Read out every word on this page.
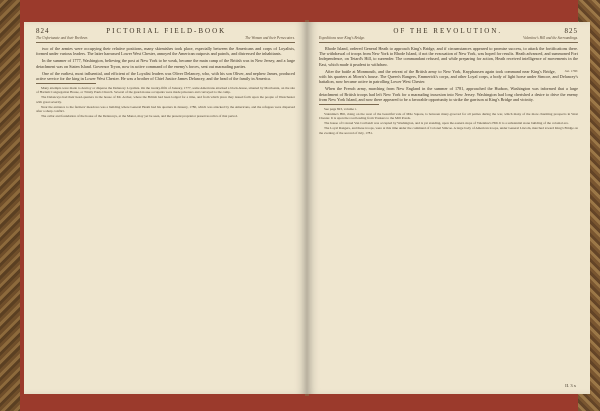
824	PICTORIAL FIELD-BOOK
The Unfortunate and their Brethren.	The Woman and their Persecutors.

two of the armies were occupying their relative positions, many skirmishes took place, especially between the Americans and corps of Loyalists, formed under various leaders. The latter harrassed Lower West Chester, annoyed the American outposts and patrols, and distressed the inhabitants.

In the summer of 1777, Washington, believing the post at New York to be weak, became the main camp of the British was in New Jersey, and a large detachment was on Staten Island. Governor Tryon, now in active command of the enemy's forces, sent out marauding parties.

One of the earliest, most influential, and efficient of the Loyalist leaders was Oliver Delancey, who, with his son Oliver, and nephew James, produced active service for the king in Lower West Chester. He was a brother of Chief Justice James Delancey, and the head of the family in America.

Many attempts were made to destroy or disperse the Delancey Loyalists. On the twenty-fifth of January, 1777, some Americans attacked a block-house, situated by Morrisania, on the site of Harlem Congregation House, or Trinity Pauls Church. Several of the guard-house occupants were made prisoners and conveyed to the camp.

The Delanceys had their head-quarters in the house of Mr. Archer, where the British had been lodged for a time, and from which place they issued forth upon the people of Westchester with great severity.

Near the entrance to the farmers' meadows was a building where General Heath had his quarters in January, 1780, which was attacked by the Americans, and the refugees were dispersed after a sharp conflict.

The cellar and foundation of the house of the Delanceys, at the Manor, may yet be seen, and the present proprietor preserves relics of that period.

OF THE REVOLUTION.	825
Expeditions near King's Bridge.	Valentine's Hill and the Surroundings.

Rhode Island, ordered General Heath to approach King's Bridge, and if circumstances appeared to promise success, to attack the fortifications there. The withdrawal of troops from New York to Rhode Island, if not the evacuation of New York, was hoped for results. Heath advanced, and summoned Fort Independence, on Tetard's Hill, to surrender. The commandant refused, and while preparing for action, Heath received intelligence of movements in the East, which made it prudent to withdraw.

Jan. 1780.
After the battle at Monmouth, and the retreat of the British army to New York, Knyphausen again took command near King's Bridge, with his quarters at Morris's house. The Queen's Rangers, Emmerick's corps, and other Loyal corps, a body of light horse under Simcoe, and Delancey's battalion, now became active in patrolling Lower West Chester.

When the French army, marching from New England in the summer of 1781, approached the Hudson, Washington was informed that a large detachment of British troops had left New York for a marauding incursion into New Jersey. Washington had long cherished a desire to drive the enemy from New York Island, and now there appeared to be a favorable opportunity to strike the garrison at King's Bridge and vicinity.

See page 823, volume i.

Valentine's Hill, rising on the west of the beautiful vale of Mile Square, is between many-grooved for all parties during the war, which many of the more charming prospects in West Chester. It is upon the road leading from Yonkers to the Mill Ponds.

The house of Colonel Van Cortlandt was occupied by Washington, and is yet standing, upon the eastern slope of Valentine's Hill. It is a substantial stone building of the colonial era.

The Loyal Rangers, and these troops, were at this time under the command of Colonel Simcoe. A large body of American troops, under General Lincoln, marched toward King's Bridge on the evening of the second of July, 1781.

II. 3 x
